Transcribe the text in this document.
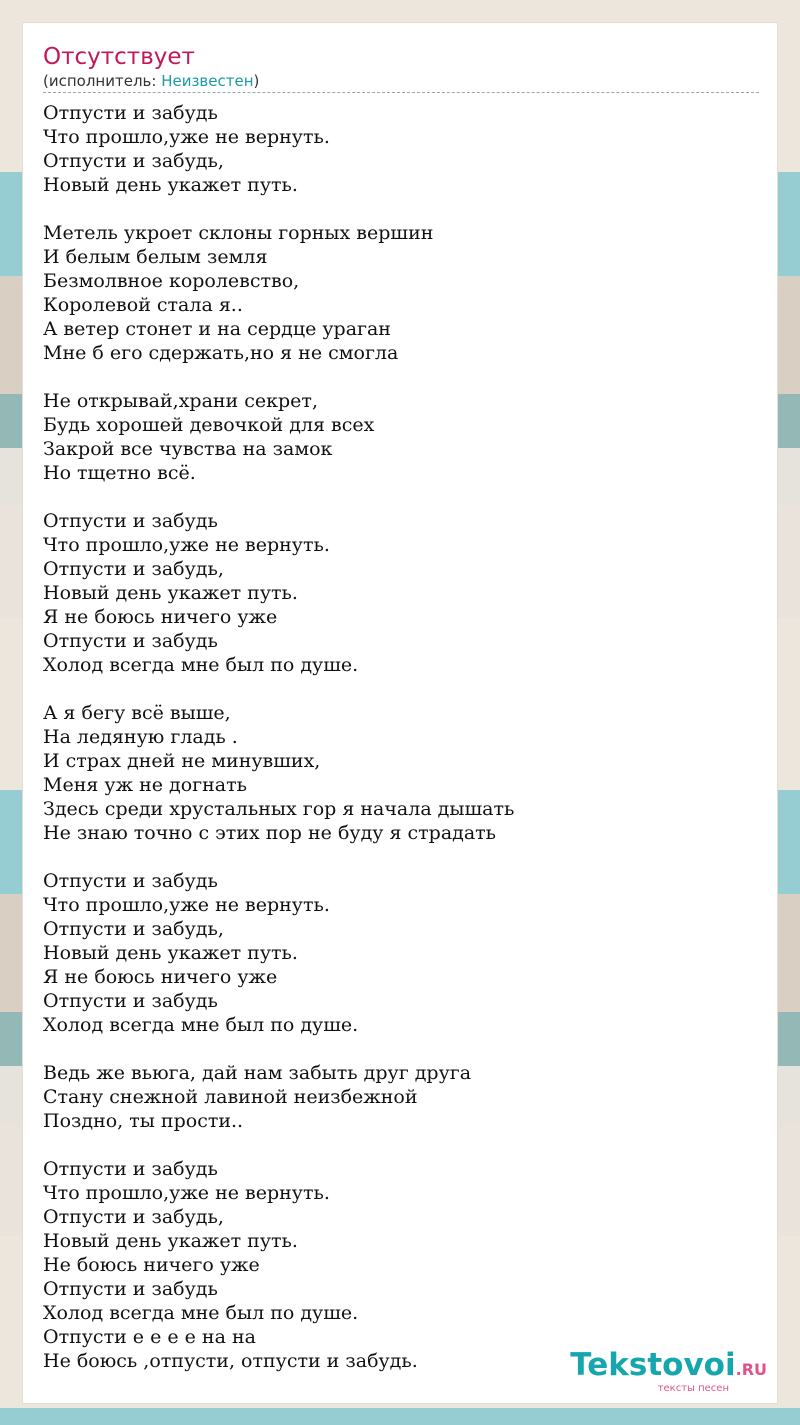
Отсутствует
(исполнитель: Неизвестен)
Отпусти и забудь
Что прошло,уже не вернуть.
Отпусти и забудь,
Новый день укажет путь.
Метель укроет склоны горных вершин
И белым белым земля
Безмолвное королевство,
Королевой стала я..
А ветер стонет и на сердце ураган
Мне б его сдержать,но я не смогла
Не открывай,храни секрет,
Будь хорошей девочкой для всех
Закрой все чувства на замок
Но тщетно всё.
Отпусти и забудь
Что прошло,уже не вернуть.
Отпусти и забудь,
Новый день укажет путь.
Я не боюсь ничего уже
Отпусти и забудь
Холод всегда мне был по душе.
А я бегу всё выше,
На ледяную гладь .
И страх дней не минувших,
Меня уж не догнать
Здесь среди хрустальных гор я начала дышать
Не знаю точно с этих пор не буду я страдать
Отпусти и забудь
Что прошло,уже не вернуть.
Отпусти и забудь,
Новый день укажет путь.
Я не боюсь ничего уже
Отпусти и забудь
Холод всегда мне был по душе.
Ведь же вьюга, дай нам забыть друг друга
Стану снежной лавиной неизбежной
Поздно, ты прости..
Отпусти и забудь
Что прошло,уже не вернуть.
Отпусти и забудь,
Новый день укажет путь.
Не боюсь ничего уже
Отпусти и забудь
Холод всегда мне был по душе.
Отпусти е е е е на на
Не боюсь ,отпусти, отпусти и забудь.	Tekstovoi.RU
тексты песен
